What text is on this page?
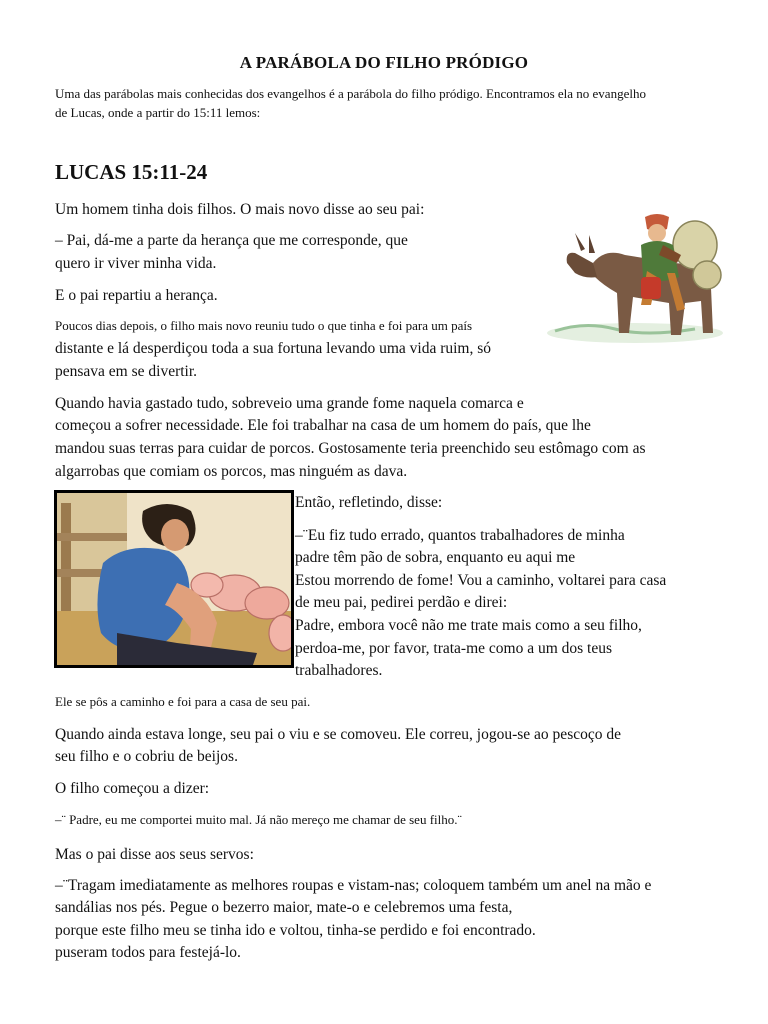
A PARÁBOLA DO FILHO PRÓDIGO
Uma das parábolas mais conhecidas dos evangelhos é a parábola do filho pródigo. Encontramos ela no evangelho
de Lucas, onde a partir do 15:11 lemos:
LUCAS 15:11-24
Um homem tinha dois filhos. O mais novo disse ao seu pai:
– Pai, dá-me a parte da herança que me corresponde, que
quero ir viver minha vida.
E o pai repartiu a herança.
Poucos dias depois, o filho mais novo reuniu tudo o que tinha e foi para um país
distante e lá desperdiçou toda a sua fortuna levando uma vida ruim, só
pensava em se divertir.
Quando havia gastado tudo, sobreveio uma grande fome naquela comarca e
começou a sofrer necessidade. Ele foi trabalhar na casa de um homem do país, que lhe
mandou suas terras para cuidar de porcos. Gostosamente teria preenchido seu estômago com as
algarrobas que comiam os porcos, mas ninguém as dava.
Então, refletindo, disse:
–¨Eu fiz tudo errado, quantos trabalhadores de minha
padre têm pão de sobra, enquanto eu aqui me
Estou morrendo de fome! Vou a caminho, voltarei para casa
de meu pai, pedirei perdão e direi:
Padre, embora você não me trate mais como a seu filho,
perdoa-me, por favor, trata-me como a um dos teus
trabalhadores.
Ele se pôs a caminho e foi para a casa de seu pai.
Quando ainda estava longe, seu pai o viu e se comoveu. Ele correu, jogou-se ao pescoço de
seu filho e o cobriu de beijos.
O filho começou a dizer:
–¨ Padre, eu me comportei muito mal. Já não mereço me chamar de seu filho.¨
Mas o pai disse aos seus servos:
–¨Tragam imediatamente as melhores roupas e vistam-nas; coloquem também um anel na mão e
sandálias nos pés. Pegue o bezerro maior, mate-o e celebremos uma festa,
porque este filho meu se tinha ido e voltou, tinha-se perdido e foi encontrado.
puseram todos para festejá-lo.
